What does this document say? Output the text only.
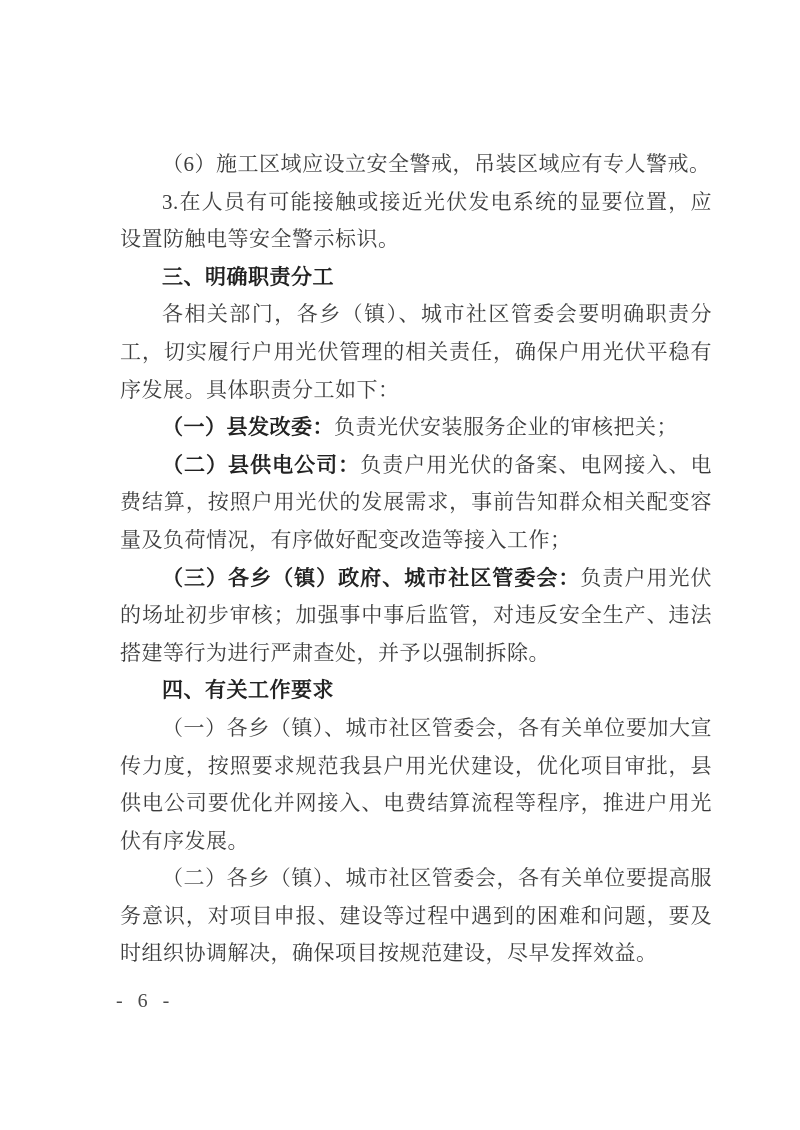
（6）施工区域应设立安全警戒，吊装区域应有专人警戒。

3.在人员有可能接触或接近光伏发电系统的显要位置，应设置防触电等安全警示标识。

三、明确职责分工

各相关部门，各乡（镇）、城市社区管委会要明确职责分工，切实履行户用光伏管理的相关责任，确保户用光伏平稳有序发展。具体职责分工如下：

（一）县发改委：负责光伏安装服务企业的审核把关；

（二）县供电公司：负责户用光伏的备案、电网接入、电费结算，按照户用光伏的发展需求，事前告知群众相关配变容量及负荷情况，有序做好配变改造等接入工作；

（三）各乡（镇）政府、城市社区管委会：负责户用光伏的场址初步审核；加强事中事后监管，对违反安全生产、违法搭建等行为进行严肃查处，并予以强制拆除。

四、有关工作要求

（一）各乡（镇）、城市社区管委会，各有关单位要加大宣传力度，按照要求规范我县户用光伏建设，优化项目审批，县供电公司要优化并网接入、电费结算流程等程序，推进户用光伏有序发展。

（二）各乡（镇）、城市社区管委会，各有关单位要提高服务意识，对项目申报、建设等过程中遇到的困难和问题，要及时组织协调解决，确保项目按规范建设，尽早发挥效益。

- 6 -
